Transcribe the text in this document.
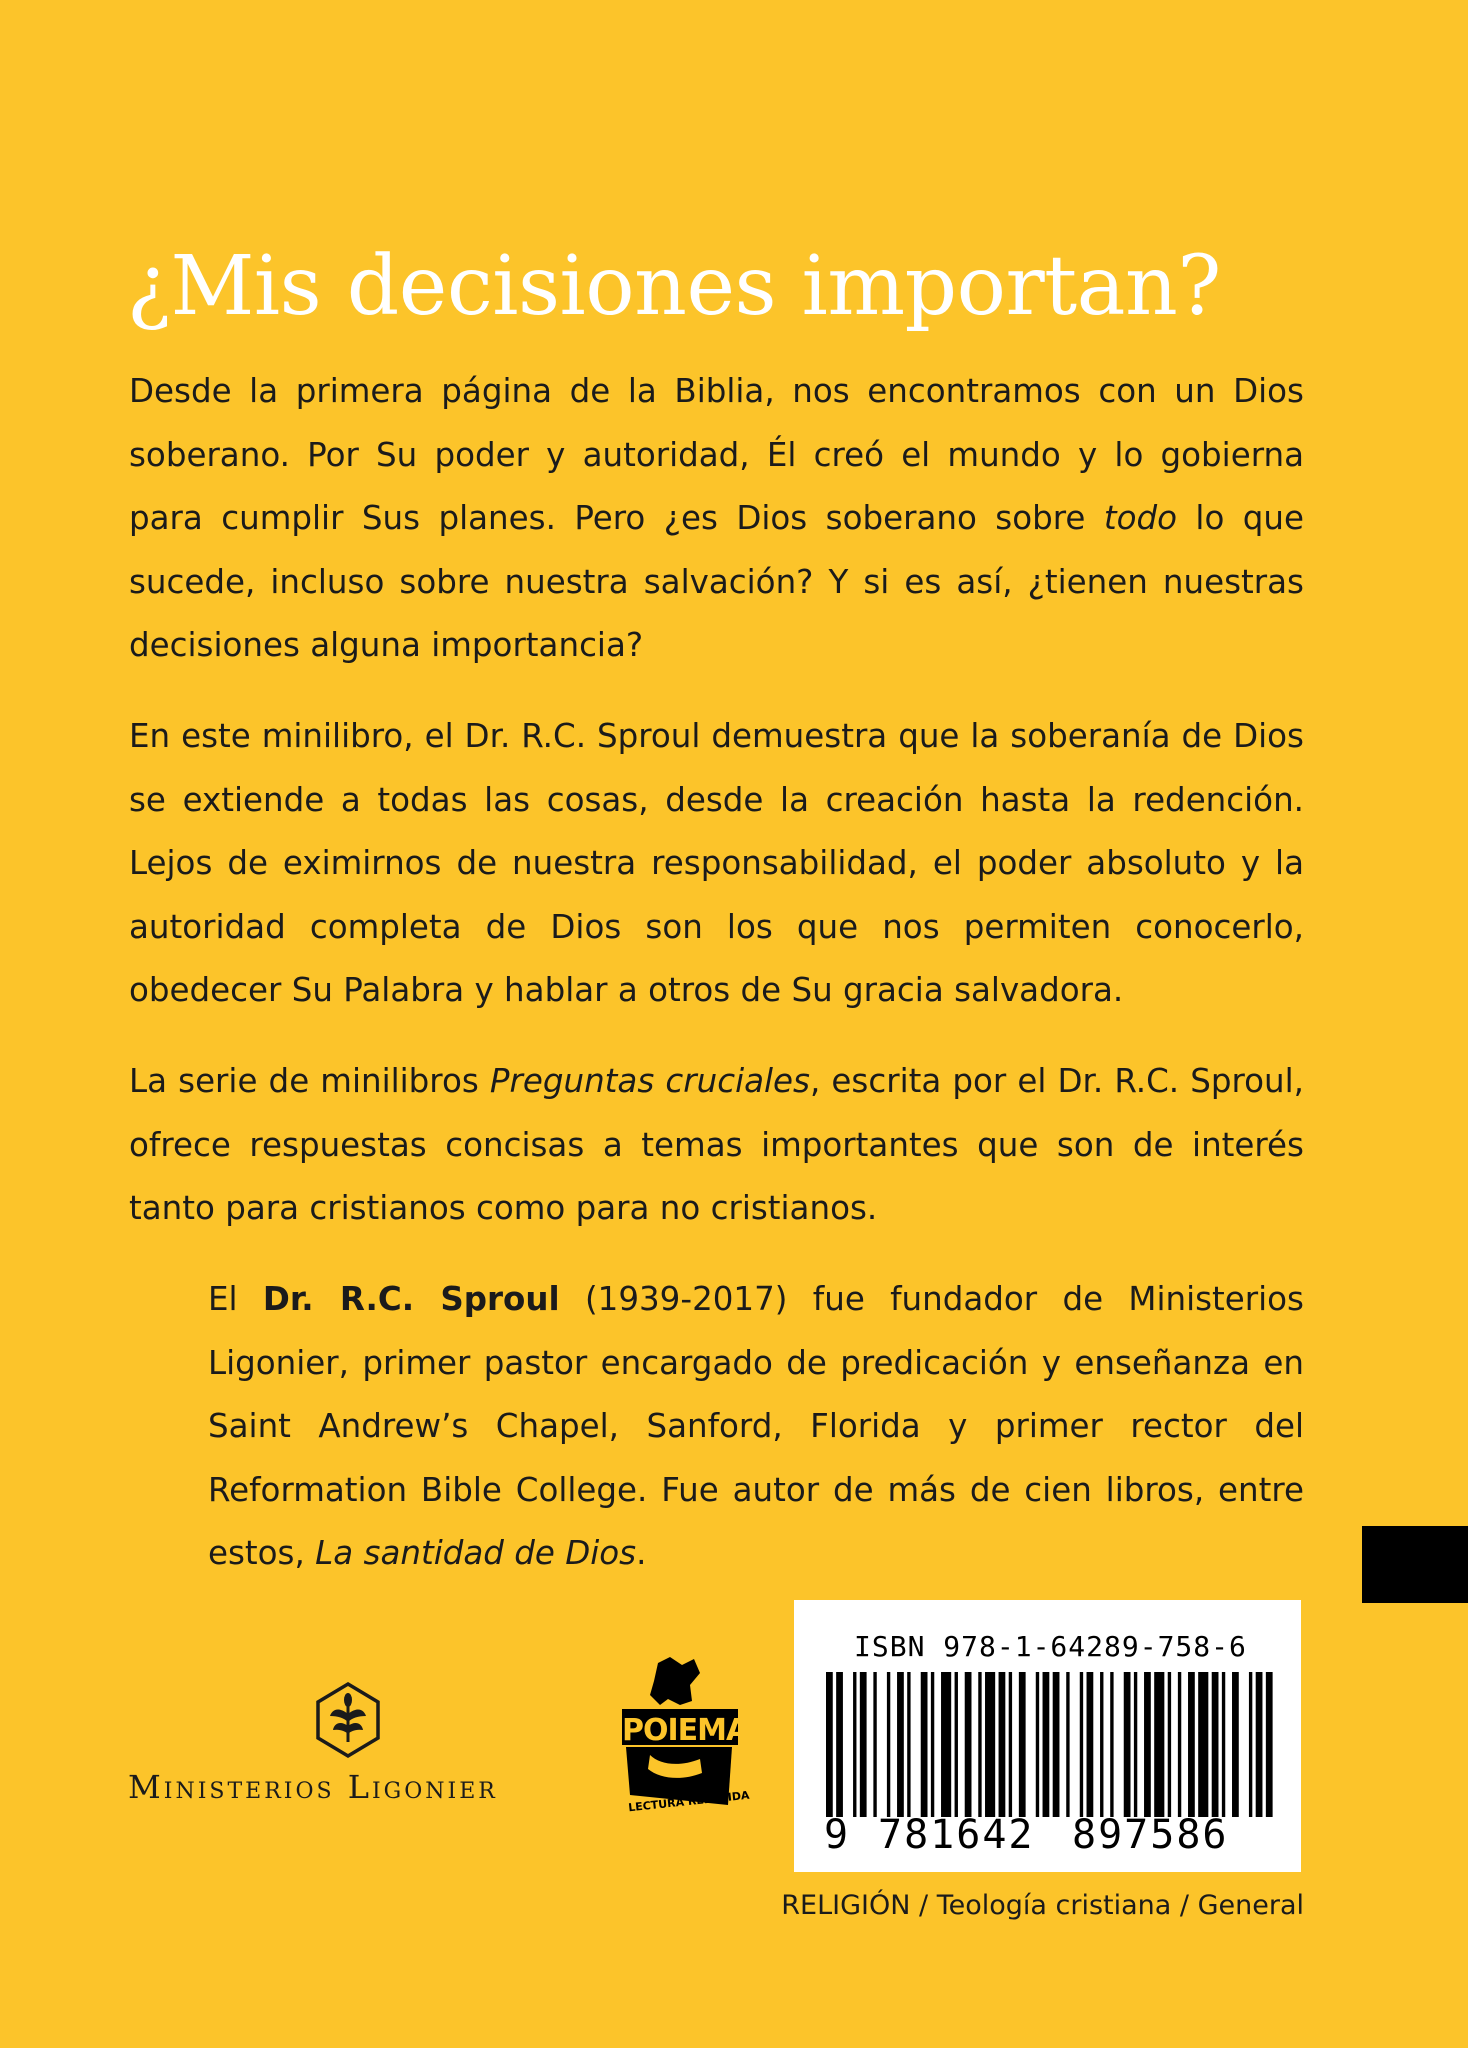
¿Mis decisiones importan?
Desde la primera página de la Biblia, nos encontramos con un Dios soberano. Por Su poder y autoridad, Él creó el mundo y lo gobierna para cumplir Sus planes. Pero ¿es Dios soberano sobre todo lo que sucede, incluso sobre nuestra salvación? Y si es así, ¿tienen nuestras decisiones alguna importancia?
En este minilibro, el Dr. R.C. Sproul demuestra que la soberanía de Dios se extiende a todas las cosas, desde la creación hasta la redención. Lejos de eximirnos de nuestra responsabilidad, el poder absoluto y la autoridad completa de Dios son los que nos permiten conocerlo, obedecer Su Palabra y hablar a otros de Su gracia salvadora.
La serie de minilibros Preguntas cruciales, escrita por el Dr. R.C. Sproul, ofrece respuestas concisas a temas importantes que son de interés tanto para cristianos como para no cristianos.
El Dr. R.C. Sproul (1939-2017) fue fundador de Ministerios Ligonier, primer pastor encargado de predicación y enseñanza en Saint Andrew’s Chapel, Sanford, Florida y primer rector del Reformation Bible College. Fue autor de más de cien libros, entre estos, La santidad de Dios.
Ministerios Ligonier
POIEMA
LECTURA REDIMIDA
ISBN 978-1-64289-758-6
9 781642 897586
RELIGIÓN / Teología cristiana / General
